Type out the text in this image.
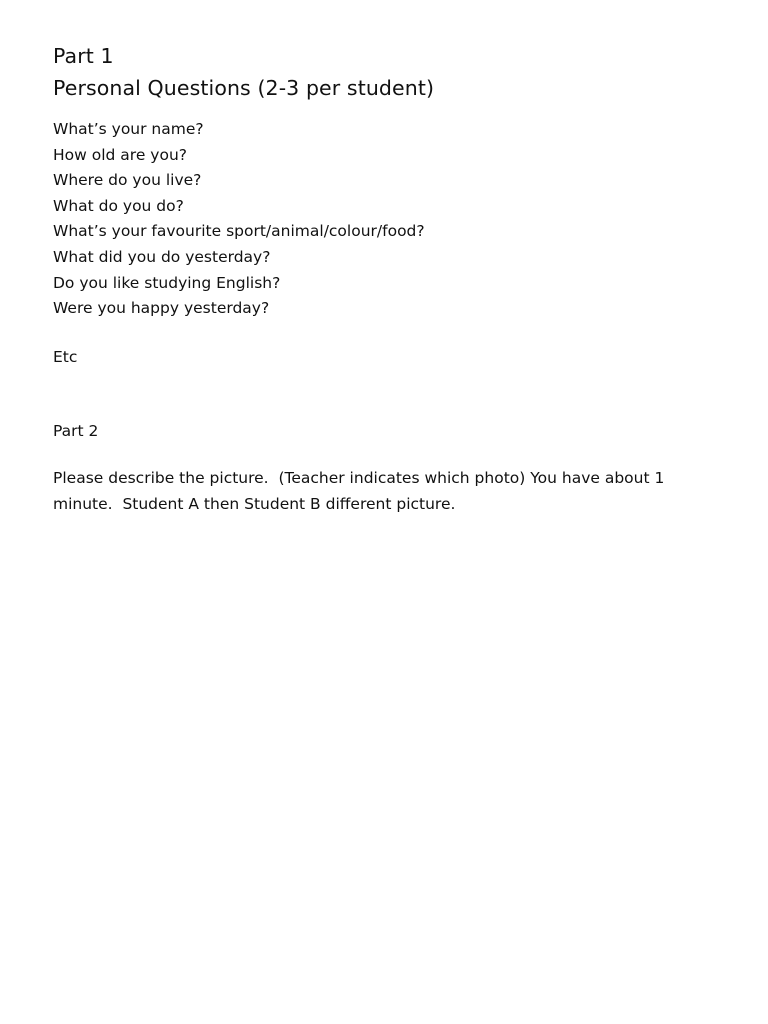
Part 1
Personal Questions (2-3 per student)
What’s your name?
How old are you?
Where do you live?
What do you do?
What’s your favourite sport/animal/colour/food?
What did you do yesterday?
Do you like studying English?
Were you happy yesterday?
Etc
Part 2
Please describe the picture.  (Teacher indicates which photo) You have about 1
minute.  Student A then Student B different picture.
